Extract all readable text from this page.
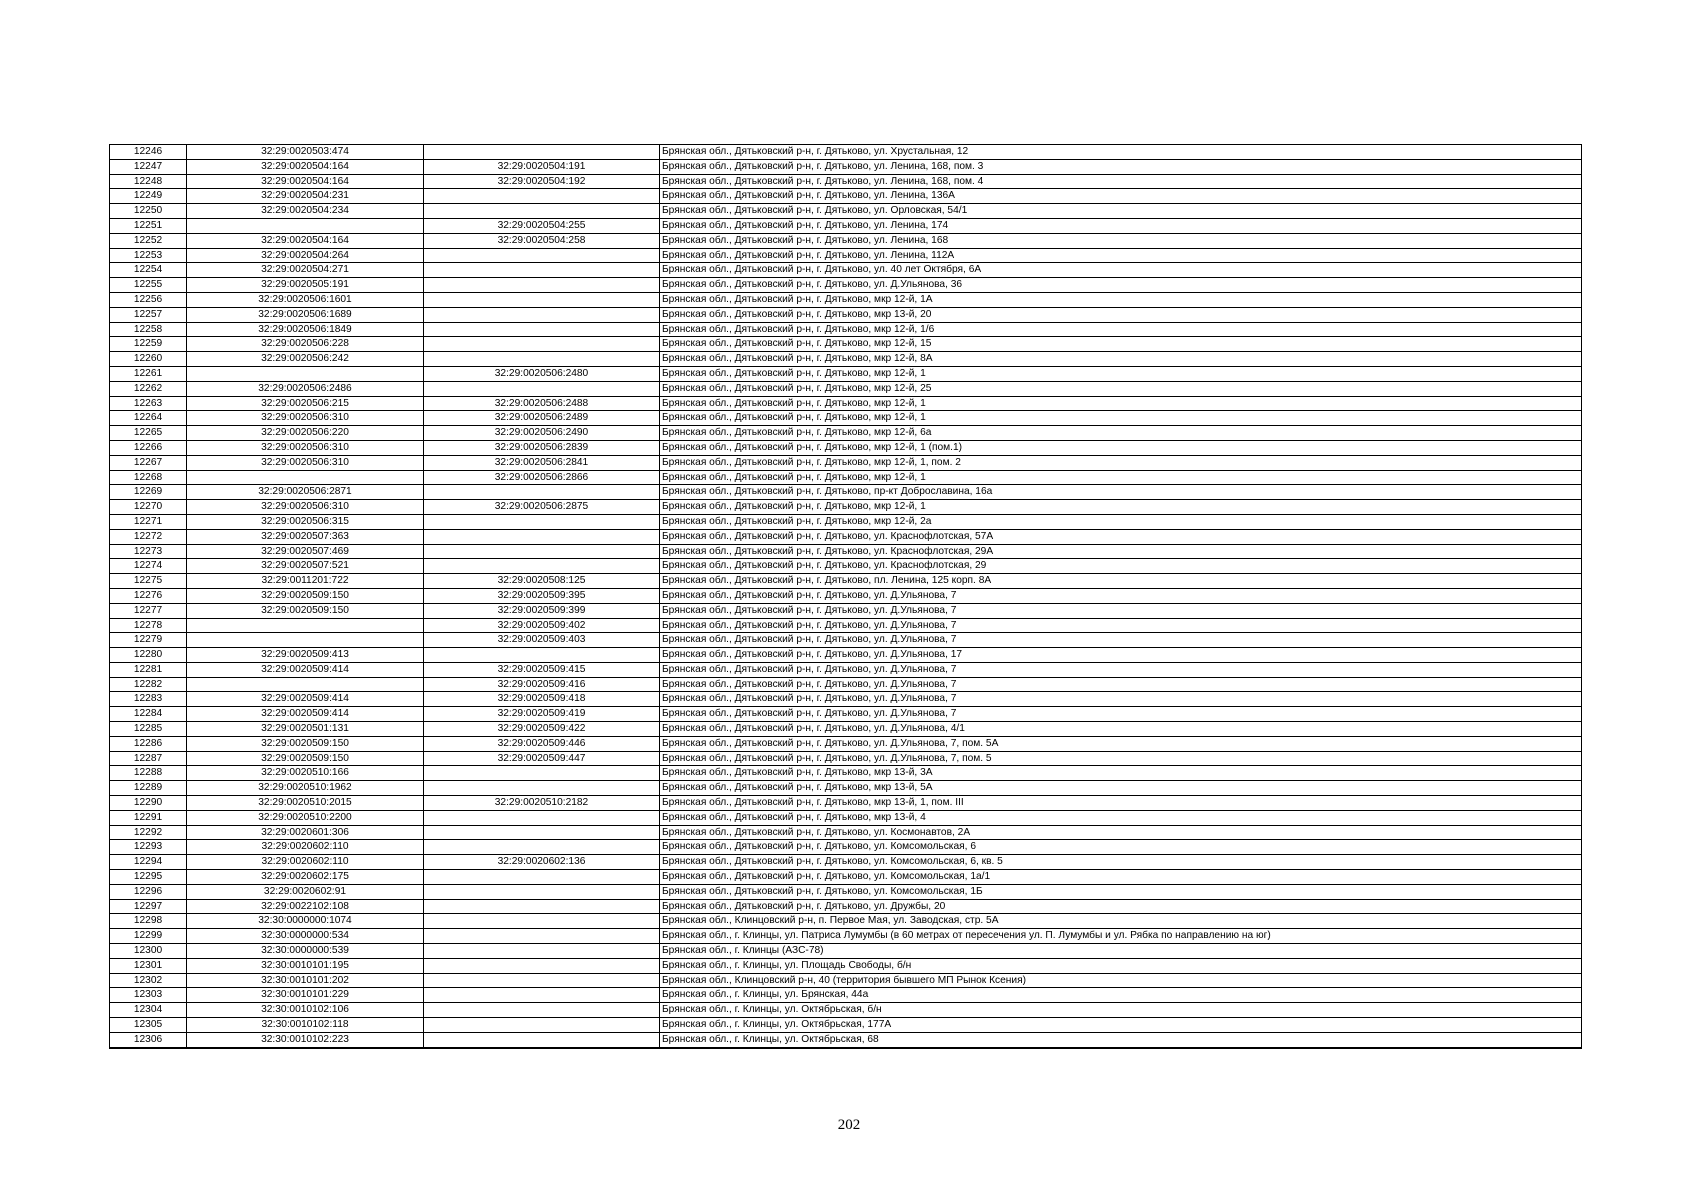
12246	32:29:0020503:474		Брянская обл., Дятьковский р-н, г. Дятьково, ул. Хрустальная, 12
12247	32:29:0020504:164	32:29:0020504:191	Брянская обл., Дятьковский р-н, г. Дятьково, ул. Ленина, 168, пом. 3
12248	32:29:0020504:164	32:29:0020504:192	Брянская обл., Дятьковский р-н, г. Дятьково, ул. Ленина, 168, пом. 4
12249	32:29:0020504:231		Брянская обл., Дятьковский р-н, г. Дятьково, ул. Ленина, 136А
12250	32:29:0020504:234		Брянская обл., Дятьковский р-н, г. Дятьково, ул. Орловская, 54/1
12251		32:29:0020504:255	Брянская обл., Дятьковский р-н, г. Дятьково, ул. Ленина, 174
12252	32:29:0020504:164	32:29:0020504:258	Брянская обл., Дятьковский р-н, г. Дятьково, ул. Ленина, 168
12253	32:29:0020504:264		Брянская обл., Дятьковский р-н, г. Дятьково, ул. Ленина, 112А
12254	32:29:0020504:271		Брянская обл., Дятьковский р-н, г. Дятьково, ул. 40 лет Октября, 6А
12255	32:29:0020505:191		Брянская обл., Дятьковский р-н, г. Дятьково, ул. Д.Ульянова, 36
12256	32:29:0020506:1601		Брянская обл., Дятьковский р-н, г. Дятьково, мкр 12-й, 1А
12257	32:29:0020506:1689		Брянская обл., Дятьковский р-н, г. Дятьково, мкр 13-й, 20
12258	32:29:0020506:1849		Брянская обл., Дятьковский р-н, г. Дятьково, мкр 12-й, 1/6
12259	32:29:0020506:228		Брянская обл., Дятьковский р-н, г. Дятьково, мкр 12-й, 15
12260	32:29:0020506:242		Брянская обл., Дятьковский р-н, г. Дятьково, мкр 12-й, 8А
12261		32:29:0020506:2480	Брянская обл., Дятьковский р-н, г. Дятьково, мкр 12-й, 1
12262	32:29:0020506:2486		Брянская обл., Дятьковский р-н, г. Дятьково, мкр 12-й, 25
12263	32:29:0020506:215	32:29:0020506:2488	Брянская обл., Дятьковский р-н, г. Дятьково, мкр 12-й, 1
12264	32:29:0020506:310	32:29:0020506:2489	Брянская обл., Дятьковский р-н, г. Дятьково, мкр 12-й, 1
12265	32:29:0020506:220	32:29:0020506:2490	Брянская обл., Дятьковский р-н, г. Дятьково, мкр 12-й, 6а
12266	32:29:0020506:310	32:29:0020506:2839	Брянская обл., Дятьковский р-н, г. Дятьково, мкр 12-й, 1 (пом.1)
12267	32:29:0020506:310	32:29:0020506:2841	Брянская обл., Дятьковский р-н, г. Дятьково, мкр 12-й, 1, пом. 2
12268		32:29:0020506:2866	Брянская обл., Дятьковский р-н, г. Дятьково, мкр 12-й, 1
12269	32:29:0020506:2871		Брянская обл., Дятьковский р-н, г. Дятьково, пр-кт Доброславина, 16а
12270	32:29:0020506:310	32:29:0020506:2875	Брянская обл., Дятьковский р-н, г. Дятьково, мкр 12-й, 1
12271	32:29:0020506:315		Брянская обл., Дятьковский р-н, г. Дятьково, мкр 12-й, 2а
12272	32:29:0020507:363		Брянская обл., Дятьковский р-н, г. Дятьково, ул. Краснофлотская, 57А
12273	32:29:0020507:469		Брянская обл., Дятьковский р-н, г. Дятьково, ул. Краснофлотская, 29А
12274	32:29:0020507:521		Брянская обл., Дятьковский р-н, г. Дятьково, ул. Краснофлотская, 29
12275	32:29:0011201:722	32:29:0020508:125	Брянская обл., Дятьковский р-н, г. Дятьково, пл. Ленина, 125 корп. 8А
12276	32:29:0020509:150	32:29:0020509:395	Брянская обл., Дятьковский р-н, г. Дятьково, ул. Д.Ульянова, 7
12277	32:29:0020509:150	32:29:0020509:399	Брянская обл., Дятьковский р-н, г. Дятьково, ул. Д.Ульянова, 7
12278		32:29:0020509:402	Брянская обл., Дятьковский р-н, г. Дятьково, ул. Д.Ульянова, 7
12279		32:29:0020509:403	Брянская обл., Дятьковский р-н, г. Дятьково, ул. Д.Ульянова, 7
12280	32:29:0020509:413		Брянская обл., Дятьковский р-н, г. Дятьково, ул. Д.Ульянова, 17
12281	32:29:0020509:414	32:29:0020509:415	Брянская обл., Дятьковский р-н, г. Дятьково, ул. Д.Ульянова, 7
12282		32:29:0020509:416	Брянская обл., Дятьковский р-н, г. Дятьково, ул. Д.Ульянова, 7
12283	32:29:0020509:414	32:29:0020509:418	Брянская обл., Дятьковский р-н, г. Дятьково, ул. Д.Ульянова, 7
12284	32:29:0020509:414	32:29:0020509:419	Брянская обл., Дятьковский р-н, г. Дятьково, ул. Д.Ульянова, 7
12285	32:29:0020501:131	32:29:0020509:422	Брянская обл., Дятьковский р-н, г. Дятьково, ул. Д.Ульянова, 4/1
12286	32:29:0020509:150	32:29:0020509:446	Брянская обл., Дятьковский р-н, г. Дятьково, ул. Д.Ульянова, 7, пом. 5А
12287	32:29:0020509:150	32:29:0020509:447	Брянская обл., Дятьковский р-н, г. Дятьково, ул. Д.Ульянова, 7, пом. 5
12288	32:29:0020510:166		Брянская обл., Дятьковский р-н, г. Дятьково, мкр 13-й, 3А
12289	32:29:0020510:1962		Брянская обл., Дятьковский р-н, г. Дятьково, мкр 13-й, 5А
12290	32:29:0020510:2015	32:29:0020510:2182	Брянская обл., Дятьковский р-н, г. Дятьково, мкр 13-й, 1, пом. III
12291	32:29:0020510:2200		Брянская обл., Дятьковский р-н, г. Дятьково, мкр 13-й, 4
12292	32:29:0020601:306		Брянская обл., Дятьковский р-н, г. Дятьково, ул. Космонавтов, 2А
12293	32:29:0020602:110		Брянская обл., Дятьковский р-н, г. Дятьково, ул. Комсомольская, 6
12294	32:29:0020602:110	32:29:0020602:136	Брянская обл., Дятьковский р-н, г. Дятьково, ул. Комсомольская, 6, кв. 5
12295	32:29:0020602:175		Брянская обл., Дятьковский р-н, г. Дятьково, ул. Комсомольская, 1а/1
12296	32:29:0020602:91		Брянская обл., Дятьковский р-н, г. Дятьково, ул. Комсомольская, 1Б
12297	32:29:0022102:108		Брянская обл., Дятьковский р-н, г. Дятьково, ул. Дружбы, 20
12298	32:30:0000000:1074		Брянская обл., Клинцовский р-н, п. Первое Мая, ул. Заводская, стр. 5А
12299	32:30:0000000:534		Брянская обл., г. Клинцы, ул. Патриса Лумумбы (в 60 метрах от пересечения ул. П. Лумумбы и ул. Рябка по направлению на юг)
12300	32:30:0000000:539		Брянская обл., г. Клинцы (АЗС-78)
12301	32:30:0010101:195		Брянская обл., г. Клинцы, ул. Площадь Свободы, б/н
12302	32:30:0010101:202		Брянская обл., Клинцовский р-н, 40 (территория бывшего МП Рынок Ксения)
12303	32:30:0010101:229		Брянская обл., г. Клинцы, ул. Брянская, 44а
12304	32:30:0010102:106		Брянская обл., г. Клинцы, ул. Октябрьская, б/н
12305	32:30:0010102:118		Брянская обл., г. Клинцы, ул. Октябрьская, 177А
12306	32:30:0010102:223		Брянская обл., г. Клинцы, ул. Октябрьская, 68
202
